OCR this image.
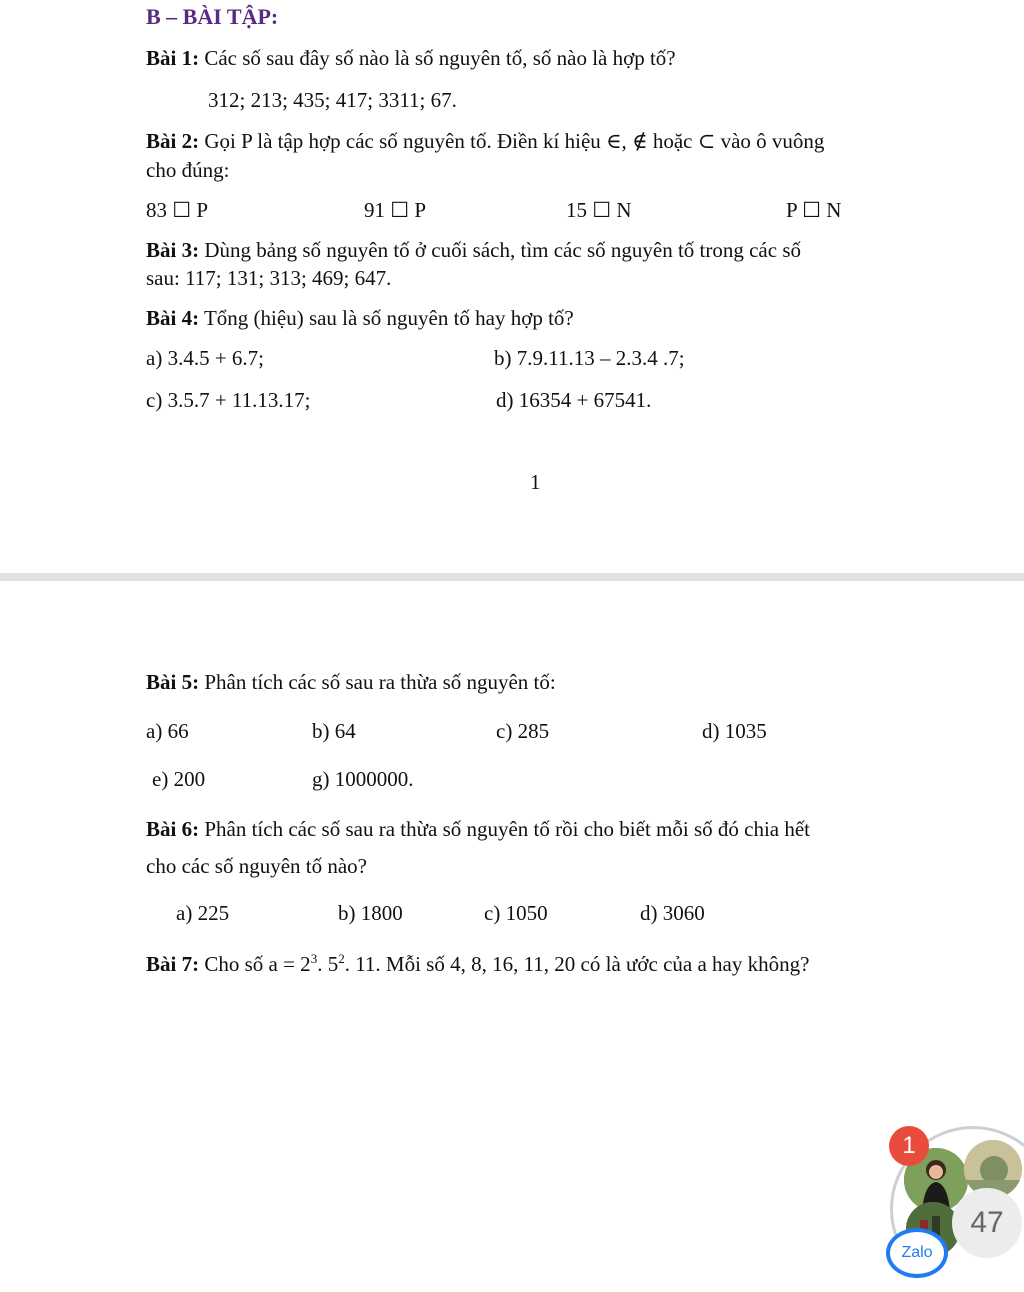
B – BÀI TẬP:
Bài 1: Các số sau đây số nào là số nguyên tố, số nào là hợp tố?
312; 213; 435; 417; 3311; 67.
Bài 2: Gọi P là tập hợp các số nguyên tố. Điền kí hiệu ∈, ∉ hoặc ⊂ vào ô vuông
cho đúng:
83 ☐ P	91 ☐ P	15 ☐ N	P ☐ N
Bài 3: Dùng bảng số nguyên tố ở cuối sách, tìm các số nguyên tố trong các số
sau: 117; 131; 313; 469; 647.
Bài 4: Tổng (hiệu) sau là số nguyên tố hay hợp tố?
a) 3.4.5 + 6.7;	b) 7.9.11.13 – 2.3.4 .7;
c) 3.5.7 + 11.13.17;	d) 16354 + 67541.
1
Bài 5: Phân tích các số sau ra thừa số nguyên tố:
a) 66	b) 64	c) 285	d) 1035
e) 200	g) 1000000.
Bài 6: Phân tích các số sau ra thừa số nguyên tố rồi cho biết mỗi số đó chia hết
cho các số nguyên tố nào?
a) 225	b) 1800	c) 1050	d) 3060
Bài 7: Cho số $a = 2^3$. $5^2$. 11. Mỗi số 4, 8, 16, 11, 20 có là ước của a hay không?
1
47
Zalo
